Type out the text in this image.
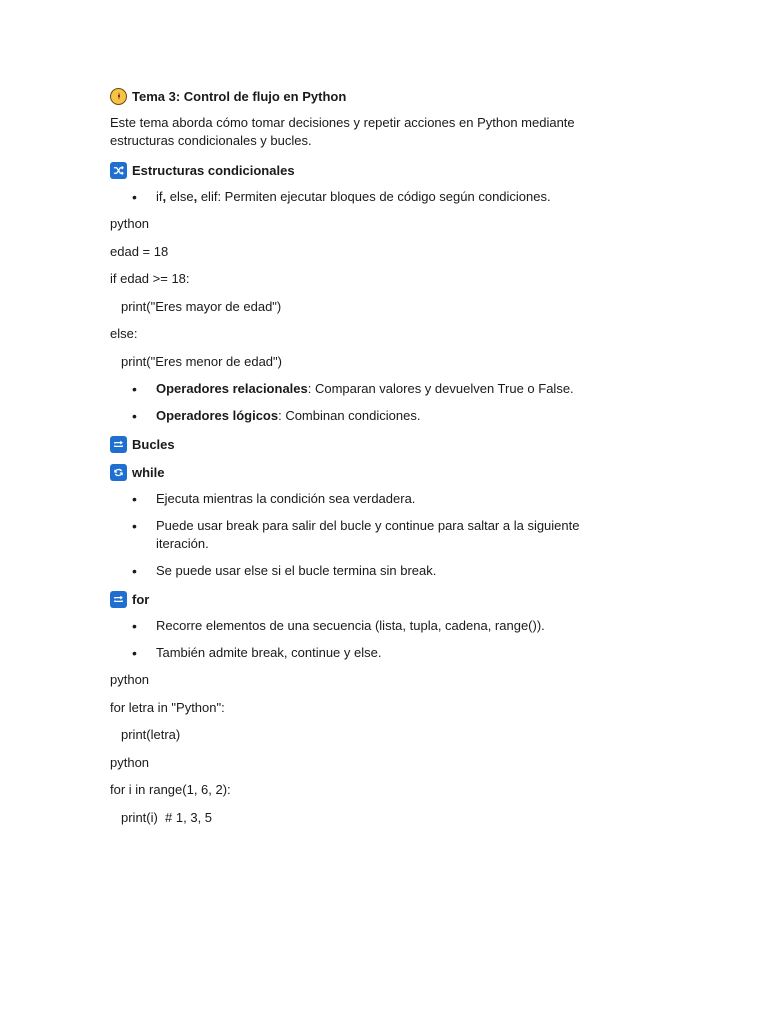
Tema 3: Control de flujo en Python

Este tema aborda cómo tomar decisiones y repetir acciones en Python mediante estructuras condicionales y bucles.

Estructuras condicionales
• if, else, elif: Permiten ejecutar bloques de código según condiciones.
python
edad = 18
if edad >= 18:
print("Eres mayor de edad")
else:
print("Eres menor de edad")
• Operadores relacionales: Comparan valores y devuelven True o False.
• Operadores lógicos: Combinan condiciones.
Bucles
while
• Ejecuta mientras la condición sea verdadera.
• Puede usar break para salir del bucle y continue para saltar a la siguiente iteración.
• Se puede usar else si el bucle termina sin break.
for
• Recorre elementos de una secuencia (lista, tupla, cadena, range()).
• También admite break, continue y else.
python
for letra in "Python":
print(letra)
python
for i in range(1, 6, 2):
print(i)  # 1, 3, 5
